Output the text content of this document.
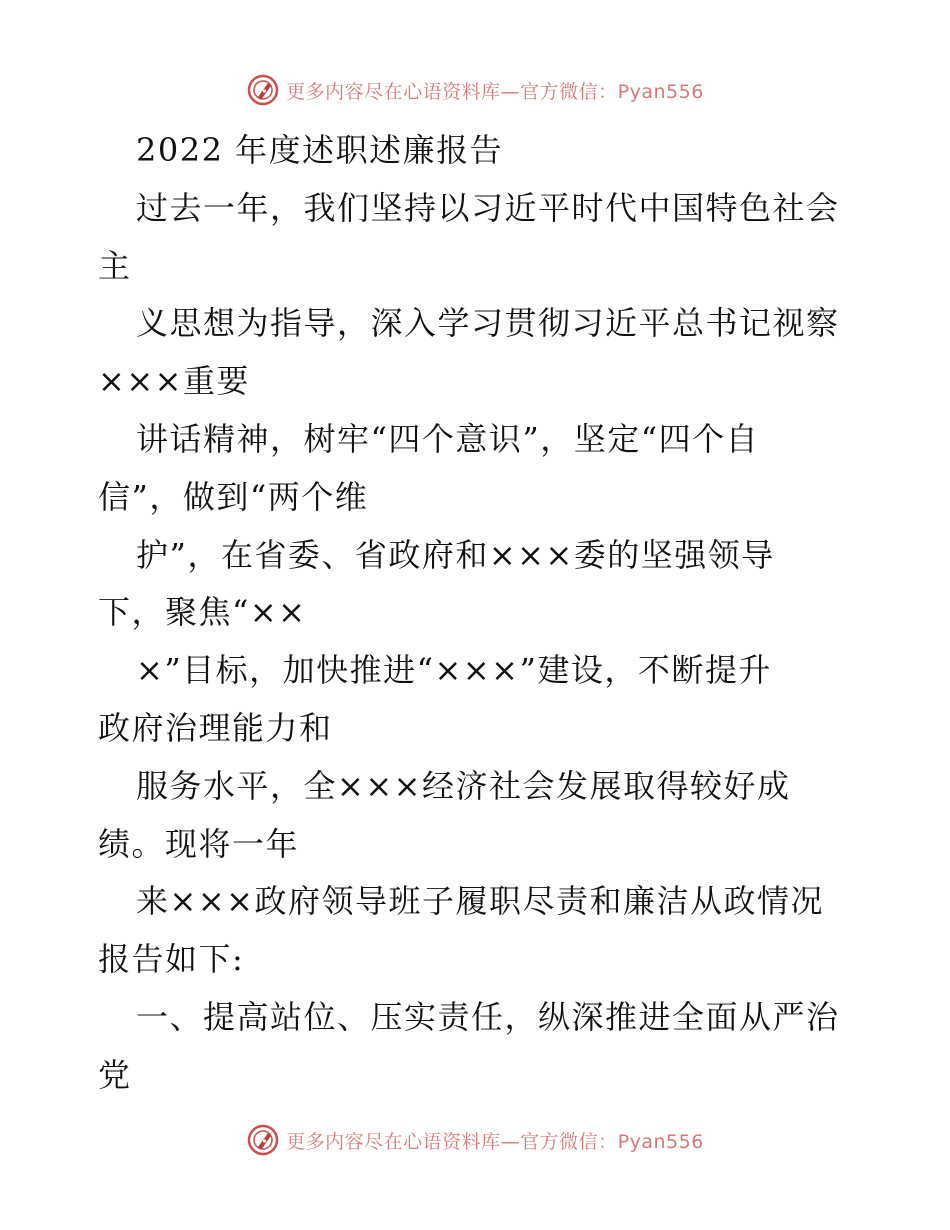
更多内容尽在心语资料库—官方微信：Pyan556
2022 年度述职述廉报告
过去一年，我们坚持以习近平时代中国特色社会
主
义思想为指导，深入学习贯彻习近平总书记视察
×××重要
讲话精神，树牢“四个意识”，坚定“四个自
信”，做到“两个维
护”，在省委、省政府和×××委的坚强领导
下，聚焦“××
×”目标，加快推进“×××”建设，不断提升
政府治理能力和
服务水平，全×××经济社会发展取得较好成
绩。现将一年
来×××政府领导班子履职尽责和廉洁从政情况
报告如下:
一、提高站位、压实责任，纵深推进全面从严治
党
更多内容尽在心语资料库—官方微信：Pyan556
